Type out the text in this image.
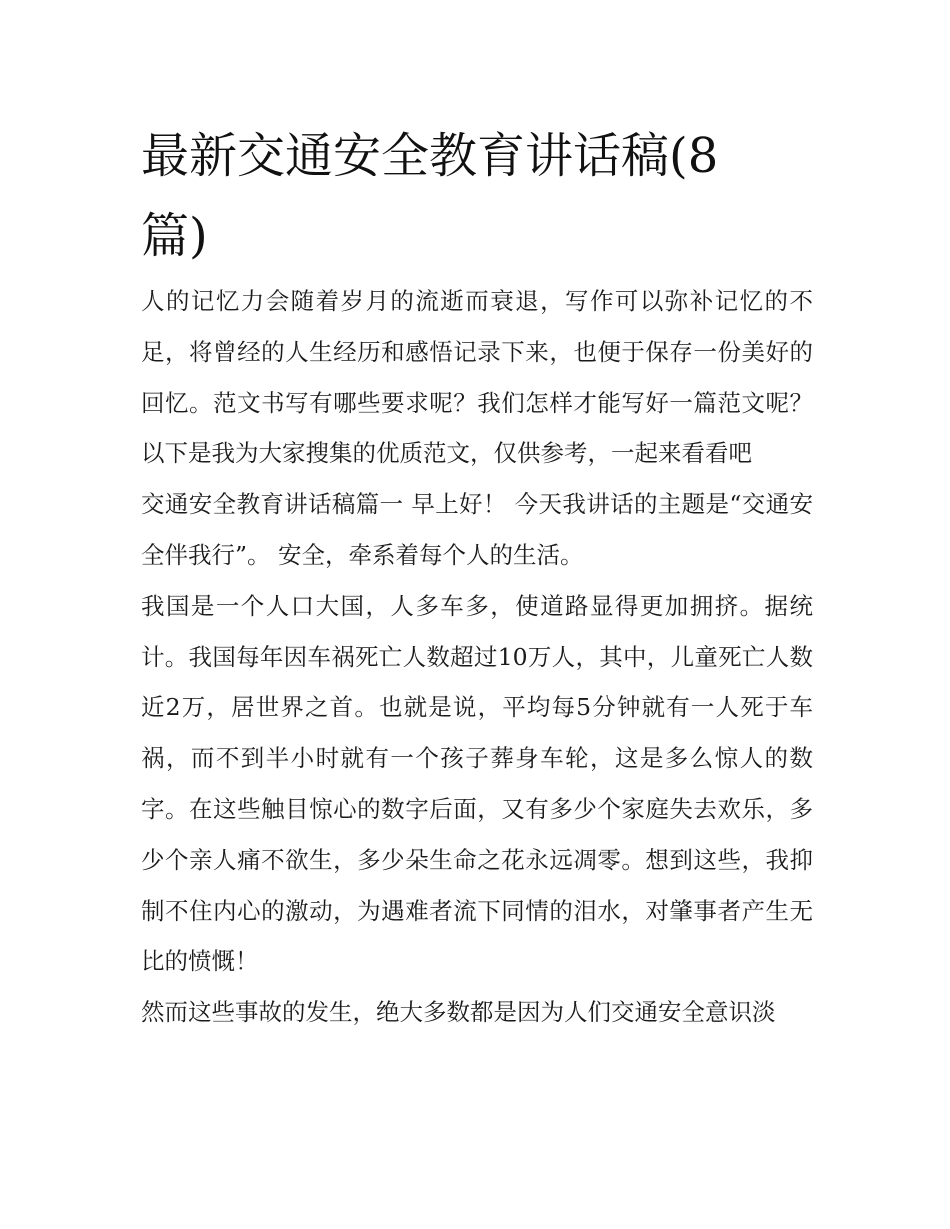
最新交通安全教育讲话稿(8篇)

人的记忆力会随着岁月的流逝而衰退，写作可以弥补记忆的不足，将曾经的人生经历和感悟记录下来，也便于保存一份美好的回忆。范文书写有哪些要求呢？我们怎样才能写好一篇范文呢？以下是我为大家搜集的优质范文，仅供参考，一起来看看吧

交通安全教育讲话稿篇一 早上好！ 今天我讲话的主题是“交通安全伴我行”。 安全，牵系着每个人的生活。

我国是一个人口大国，人多车多，使道路显得更加拥挤。据统计。我国每年因车祸死亡人数超过10万人，其中，儿童死亡人数近2万，居世界之首。也就是说，平均每5分钟就有一人死于车祸，而不到半小时就有一个孩子葬身车轮，这是多么惊人的数字。在这些触目惊心的数字后面，又有多少个家庭失去欢乐，多少个亲人痛不欲生，多少朵生命之花永远凋零。想到这些，我抑制不住内心的激动，为遇难者流下同情的泪水，对肇事者产生无比的愤慨！

然而这些事故的发生，绝大多数都是因为人们交通安全意识淡
